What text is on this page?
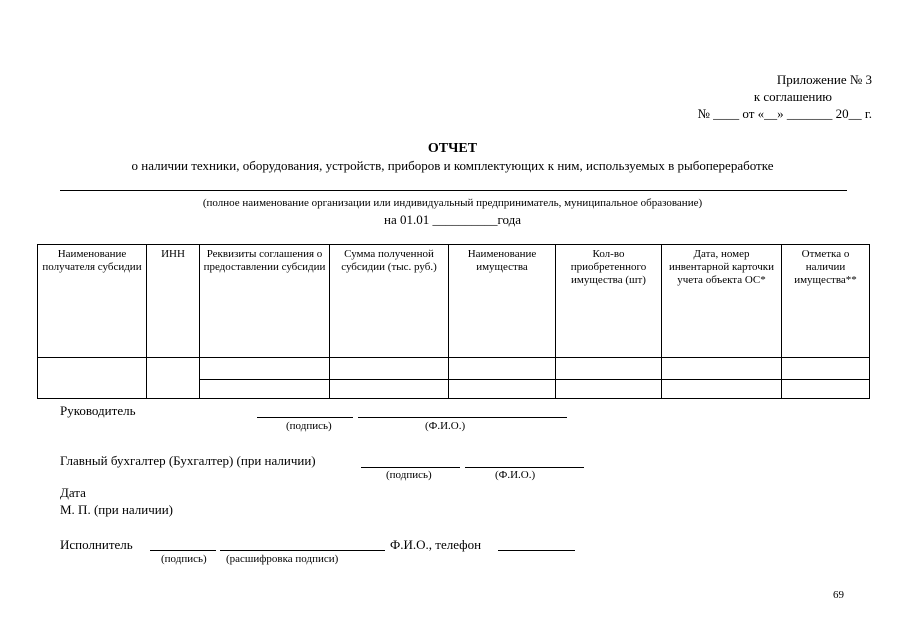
Приложение № 3
к соглашению
№ ____ от «__» _______ 20__ г.
ОТЧЕТ
о наличии техники, оборудования, устройств, приборов и комплектующих к ним, используемых в рыбопереработке
(полное наименование организации или индивидуальный предприниматель, муниципальное образование)
на 01.01 __________года
Наименование получателя субсидии	ИНН	Реквизиты соглашения о предоставлении субсидии	Сумма полученной субсидии (тыс. руб.)	Наименование имущества	Кол-во приобретенного имущества (шт)	Дата, номер инвентарной карточки учета объекта ОС*	Отметка о наличии имущества**

Руководитель
(подпись)	(Ф.И.О.)
Главный бухгалтер (Бухгалтер) (при наличии)
(подпись)	(Ф.И.О.)
Дата
М. П. (при наличии)
Исполнитель	Ф.И.О., телефон
(подпись) (расшифровка подписи)
69
